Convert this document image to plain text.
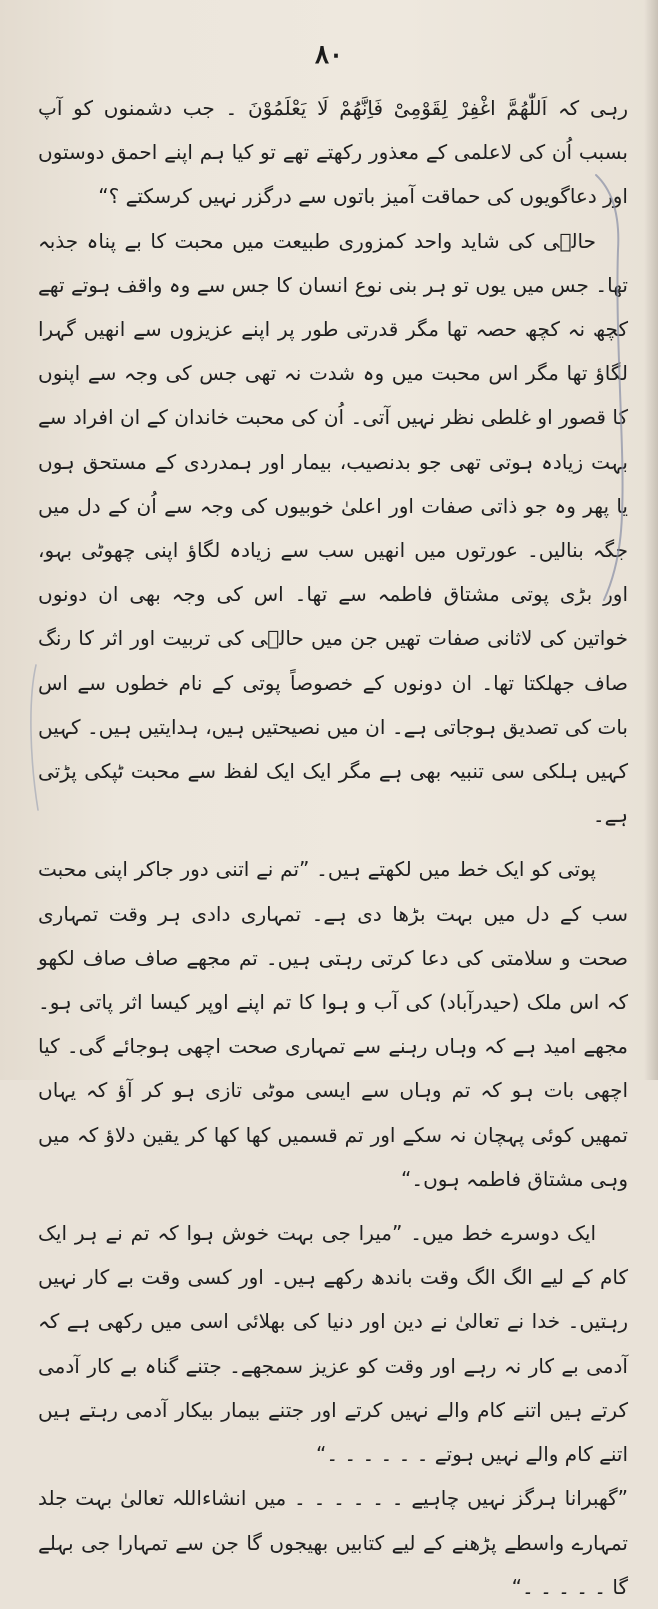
۸۰

رہی کہ اَللّٰھُمَّ اغْفِرْ لِقَوْمِیْ فَاِنَّھُمْ لَا یَعْلَمُوْنَ ۔ جب دشمنوں کو آپ بسبب اُن کی لاعلمی کے معذور رکھتے تھے تو کیا ہم اپنے احمق دوستوں اور دعاگویوں کی حماقت آمیز باتوں سے درگزر نہیں کرسکتے ؟“

حالؔی کی شاید واحد کمزوری طبیعت میں محبت کا بے پناہ جذبہ تھا۔ جس میں یوں تو ہر بنی نوع انسان کا جس سے وہ واقف ہوتے تھے کچھ نہ کچھ حصہ تھا مگر قدرتی طور پر اپنے عزیزوں سے انھیں گہرا لگاؤ تھا مگر اس محبت میں وہ شدت نہ تھی جس کی وجہ سے اپنوں کا قصور او غلطی نظر نہیں آتی۔ اُن کی محبت خاندان کے ان افراد سے بہت زیادہ ہوتی تھی جو بدنصیب، بیمار اور ہمدردی کے مستحق ہوں یا پھر وہ جو ذاتی صفات اور اعلیٰ خوبیوں کی وجہ سے اُن کے دل میں جگہ بنالیں۔ عورتوں میں انھیں سب سے زیادہ لگاؤ اپنی چھوٹی بہو، اور بڑی پوتی مشتاق فاطمہ سے تھا۔ اس کی وجہ بھی ان دونوں خواتین کی لاثانی صفات تھیں جن میں حالؔی کی تربیت اور اثر کا رنگ صاف جھلکتا تھا۔ ان دونوں کے خصوصاً پوتی کے نام خطوں سے اس بات کی تصدیق ہوجاتی ہے۔ ان میں نصیحتیں ہیں، ہدایتیں ہیں۔ کہیں کہیں ہلکی سی تنبیہ بھی ہے مگر ایک ایک لفظ سے محبت ٹپکی پڑتی ہے۔

پوتی کو ایک خط میں لکھتے ہیں۔ ”تم نے اتنی دور جاکر اپنی محبت سب کے دل میں بہت بڑھا دی ہے۔ تمہاری دادی ہر وقت تمہاری صحت و سلامتی کی دعا کرتی رہتی ہیں۔ تم مجھے صاف صاف لکھو کہ اس ملک (حیدرآباد) کی آب و ہوا کا تم اپنے اوپر کیسا اثر پاتی ہو۔ مجھے امید ہے کہ وہاں رہنے سے تمہاری صحت اچھی ہوجائے گی۔ کیا اچھی بات ہو کہ تم وہاں سے ایسی موٹی تازی ہو کر آؤ کہ یہاں تمھیں کوئی پہچان نہ سکے اور تم قسمیں کھا کھا کر یقین دلاؤ کہ میں وہی مشتاق فاطمہ ہوں۔“

ایک دوسرے خط میں۔ ”میرا جی بہت خوش ہوا کہ تم نے ہر ایک کام کے لیے الگ الگ وقت باندھ رکھے ہیں۔ اور کسی وقت بے کار نہیں رہتیں۔ خدا نے تعالیٰ نے دین اور دنیا کی بھلائی اسی میں رکھی ہے کہ آدمی بے کار نہ رہے اور وقت کو عزیز سمجھے۔ جتنے گناہ بے کار آدمی کرتے ہیں اتنے کام والے نہیں کرتے اور جتنے بیمار بیکار آدمی رہتے ہیں اتنے کام والے نہیں ہوتے ۔ ۔ ۔ ۔ ۔ ۔“

”گھبرانا ہرگز نہیں چاہیے ۔ ۔ ۔ ۔ ۔ ۔ میں انشاءاللہ تعالیٰ بہت جلد تمہارے واسطے پڑھنے کے لیے کتابیں بھیجوں گا جن سے تمہارا جی بہلے گا ۔ ۔ ۔ ۔ ۔“
